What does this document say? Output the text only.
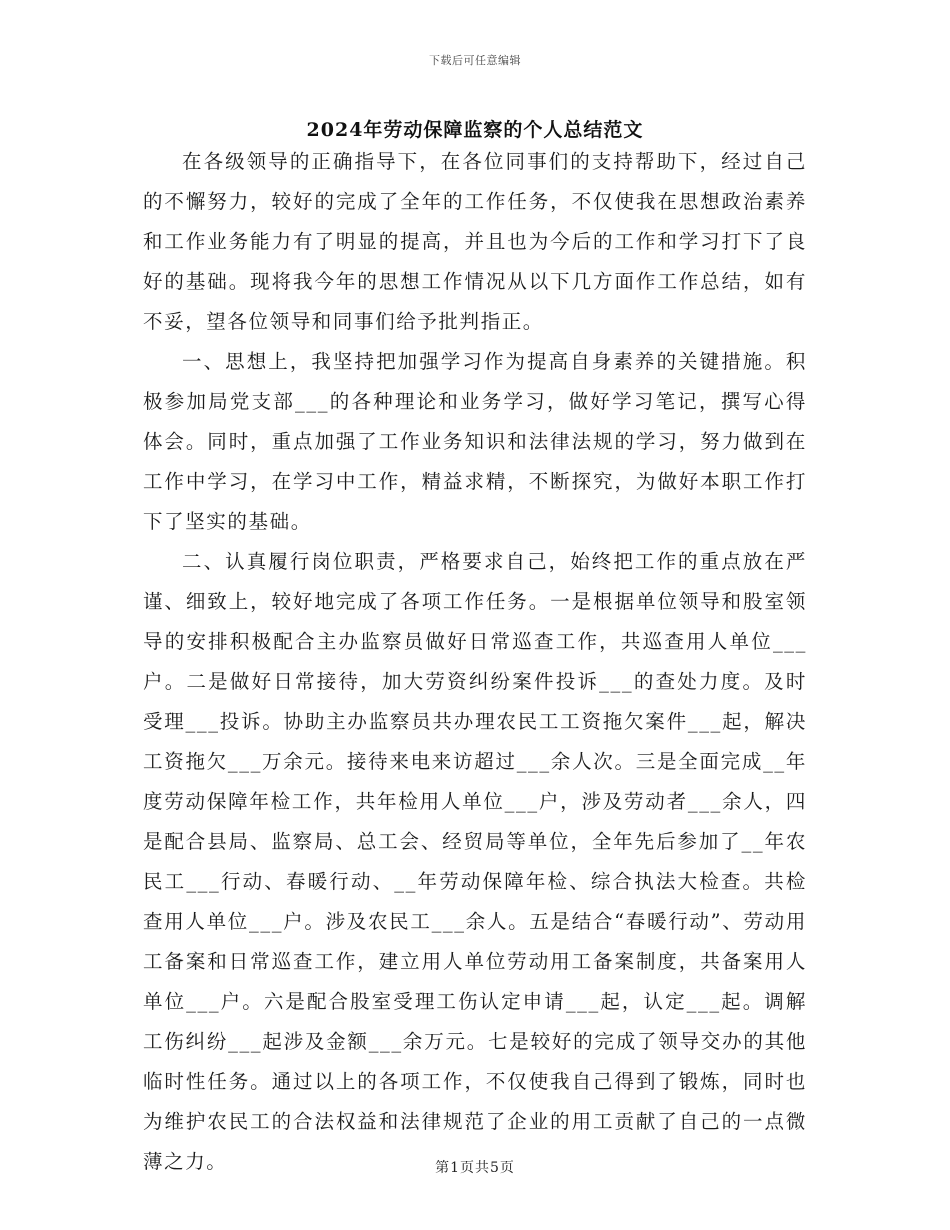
下载后可任意编辑
2024年劳动保障监察的个人总结范文

在各级领导的正确指导下，在各位同事们的支持帮助下，经过自己的不懈努力，较好的完成了全年的工作任务，不仅使我在思想政治素养和工作业务能力有了明显的提高，并且也为今后的工作和学习打下了良好的基础。现将我今年的思想工作情况从以下几方面作工作总结，如有不妥，望各位领导和同事们给予批判指正。

一、思想上，我坚持把加强学习作为提高自身素养的关键措施。积极参加局党支部___的各种理论和业务学习，做好学习笔记，撰写心得体会。同时，重点加强了工作业务知识和法律法规的学习，努力做到在工作中学习，在学习中工作，精益求精，不断探究，为做好本职工作打下了坚实的基础。

二、认真履行岗位职责，严格要求自己，始终把工作的重点放在严谨、细致上，较好地完成了各项工作任务。一是根据单位领导和股室领导的安排积极配合主办监察员做好日常巡查工作，共巡查用人单位___户。二是做好日常接待，加大劳资纠纷案件投诉___的查处力度。及时受理___投诉。协助主办监察员共办理农民工工资拖欠案件___起，解决工资拖欠___万余元。接待来电来访超过___余人次。三是全面完成__年度劳动保障年检工作，共年检用人单位___户，涉及劳动者___余人，四是配合县局、监察局、总工会、经贸局等单位，全年先后参加了__年农民工___行动、春暖行动、__年劳动保障年检、综合执法大检查。共检查用人单位___户。涉及农民工___余人。五是结合“春暖行动”、劳动用工备案和日常巡查工作，建立用人单位劳动用工备案制度，共备案用人单位___户。六是配合股室受理工伤认定申请___起，认定___起。调解工伤纠纷___起涉及金额___余万元。七是较好的完成了领导交办的其他临时性任务。通过以上的各项工作，不仅使我自己得到了锻炼，同时也为维护农民工的合法权益和法律规范了企业的用工贡献了自己的一点微薄之力。	第1页共5页
